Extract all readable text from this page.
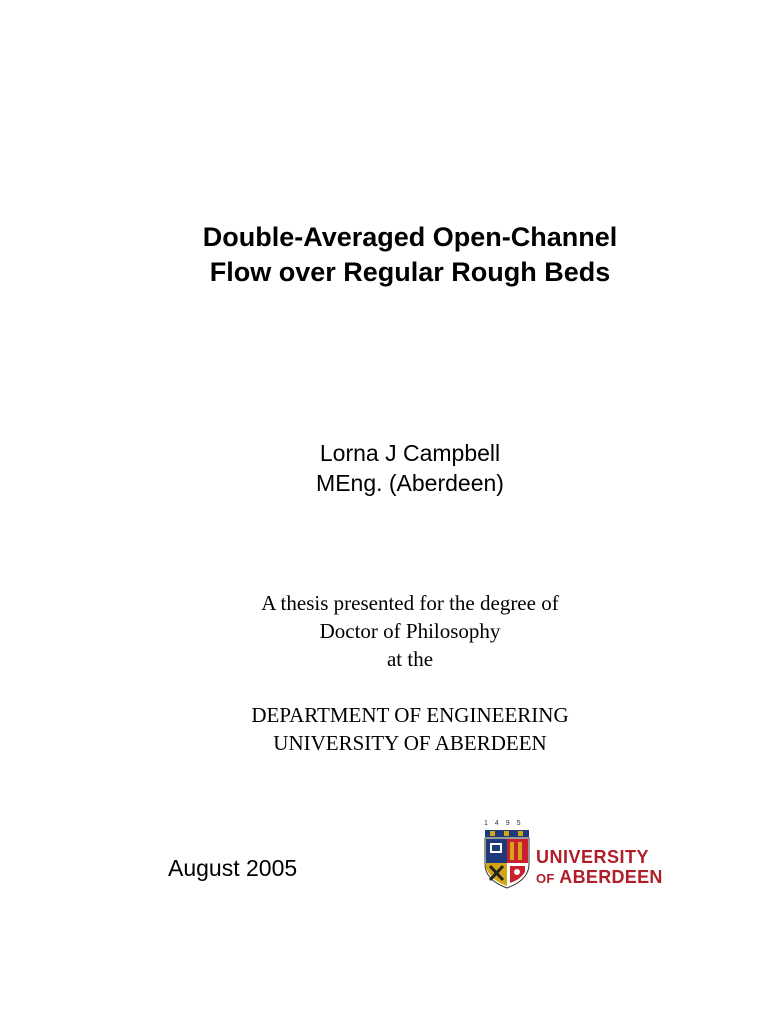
Double-Averaged Open-Channel
Flow over Regular Rough Beds
Lorna J Campbell
MEng. (Aberdeen)
A thesis presented for the degree of
Doctor of Philosophy
at the
DEPARTMENT OF ENGINEERING
UNIVERSITY OF ABERDEEN
August 2005
1495
UNIVERSITY
OF ABERDEEN
